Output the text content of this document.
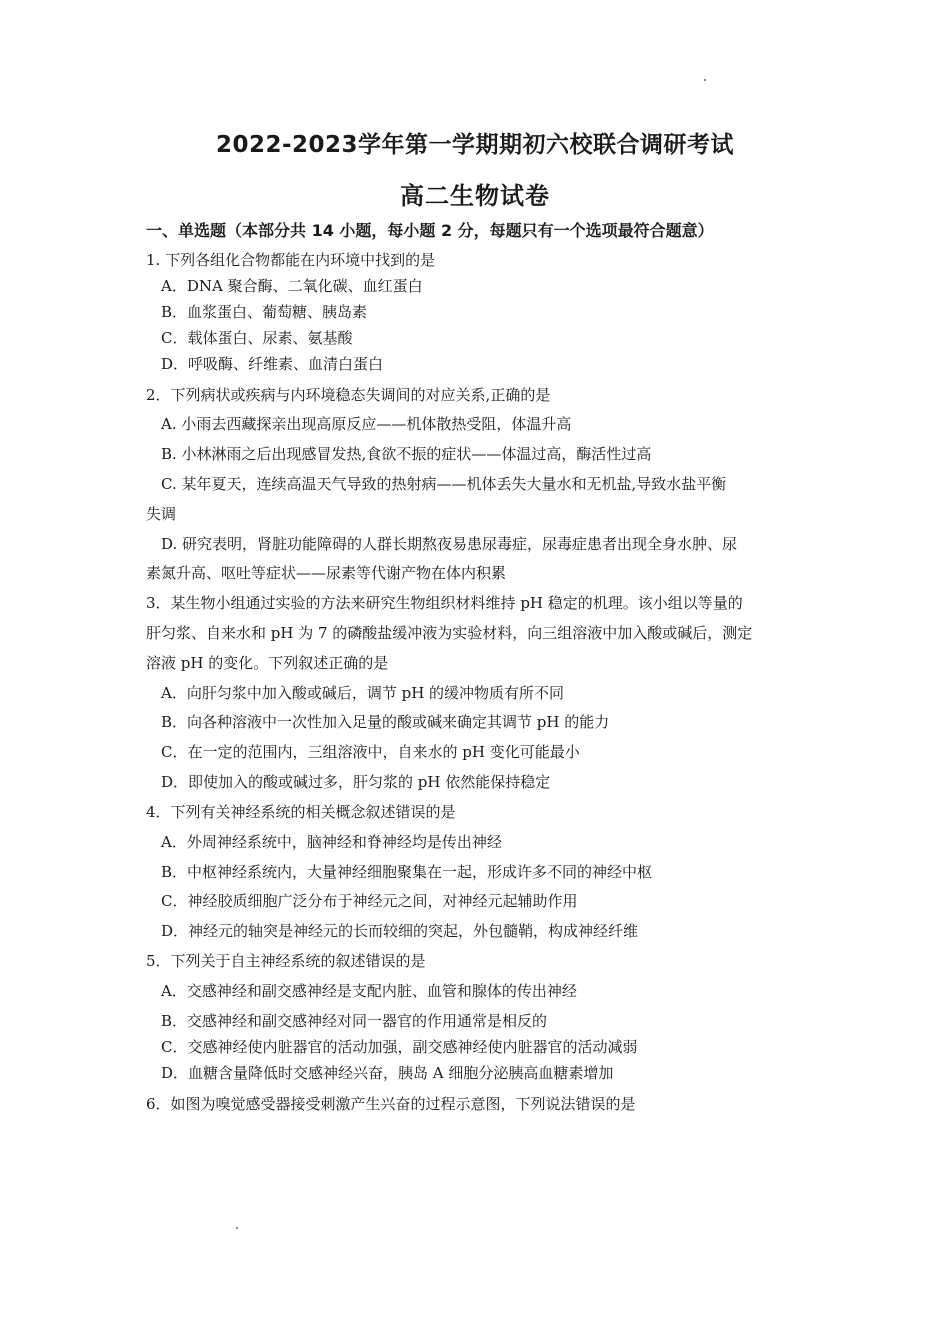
2022-2023学年第一学期期初六校联合调研考试
高二生物试卷
一、单选题（本部分共 14 小题，每小题 2 分，每题只有一个选项最符合题意）
1. 下列各组化合物都能在内环境中找到的是
A．DNA 聚合酶、二氧化碳、血红蛋白
B．血浆蛋白、葡萄糖、胰岛素
C．载体蛋白、尿素、氨基酸
D．呼吸酶、纤维素、血清白蛋白
2．下列病状或疾病与内环境稳态失调间的对应关系,正确的是
A. 小雨去西藏探亲出现高原反应——机体散热受阻，体温升高
B. 小林淋雨之后出现感冒发热,食欲不振的症状——体温过高，酶活性过高
C. 某年夏天，连续高温天气导致的热射病——机体丢失大量水和无机盐,导致水盐平衡
失调
D. 研究表明，肾脏功能障碍的人群长期熬夜易患尿毒症，尿毒症患者出现全身水肿、尿
素氮升高、呕吐等症状——尿素等代谢产物在体内积累
3．某生物小组通过实验的方法来研究生物组织材料维持 pH 稳定的机理。该小组以等量的
肝匀浆、自来水和 pH 为 7 的磷酸盐缓冲液为实验材料，向三组溶液中加入酸或碱后，测定
溶液 pH 的变化。下列叙述正确的是
A．向肝匀浆中加入酸或碱后，调节 pH 的缓冲物质有所不同
B．向各种溶液中一次性加入足量的酸或碱来确定其调节 pH 的能力
C．在一定的范围内，三组溶液中，自来水的 pH 变化可能最小
D．即使加入的酸或碱过多，肝匀浆的 pH 依然能保持稳定
4．下列有关神经系统的相关概念叙述错误的是
A．外周神经系统中，脑神经和脊神经均是传出神经
B．中枢神经系统内，大量神经细胞聚集在一起，形成许多不同的神经中枢
C．神经胶质细胞广泛分布于神经元之间，对神经元起辅助作用
D．神经元的轴突是神经元的长而较细的突起，外包髓鞘，构成神经纤维
5．下列关于自主神经系统的叙述错误的是
A．交感神经和副交感神经是支配内脏、血管和腺体的传出神经
B．交感神经和副交感神经对同一器官的作用通常是相反的
C．交感神经使内脏器官的活动加强，副交感神经使内脏器官的活动减弱
D．血糖含量降低时交感神经兴奋，胰岛 A 细胞分泌胰高血糖素增加
6．如图为嗅觉感受器接受刺激产生兴奋的过程示意图，下列说法错误的是
